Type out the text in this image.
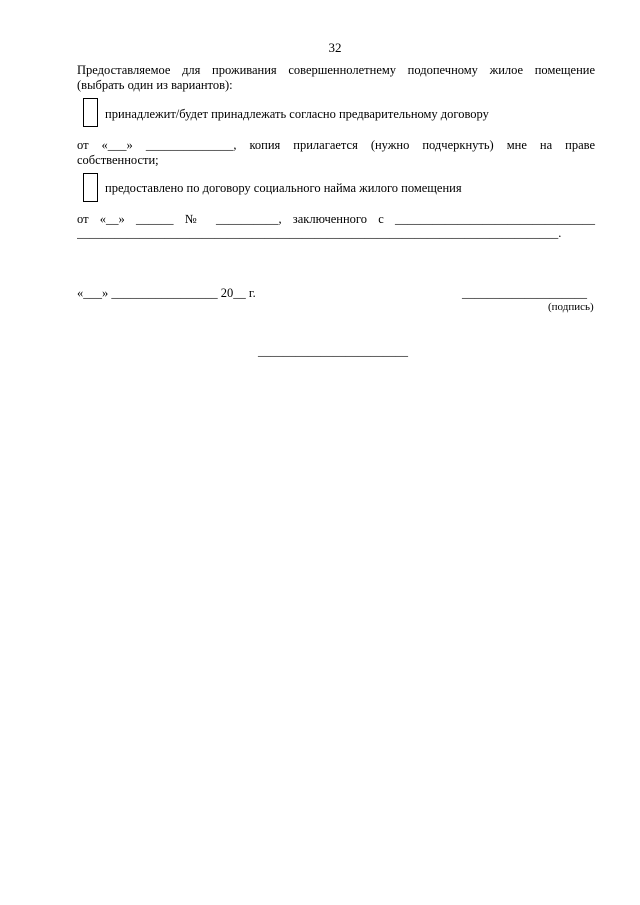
32
Предоставляемое для проживания совершеннолетнему подопечному жилое помещение
(выбрать один из вариантов):
принадлежит/будет принадлежать согласно предварительному договору
от «___» ______________, копия прилагается (нужно подчеркнуть) мне на праве
собственности;
предоставлено по договору социального найма жилого помещения
от «__» ______ № __________, заключенного с ________________________________
_____________________________________________________________________________.
«___» _________________ 20__ г.	____________________
(подпись)
________________________
